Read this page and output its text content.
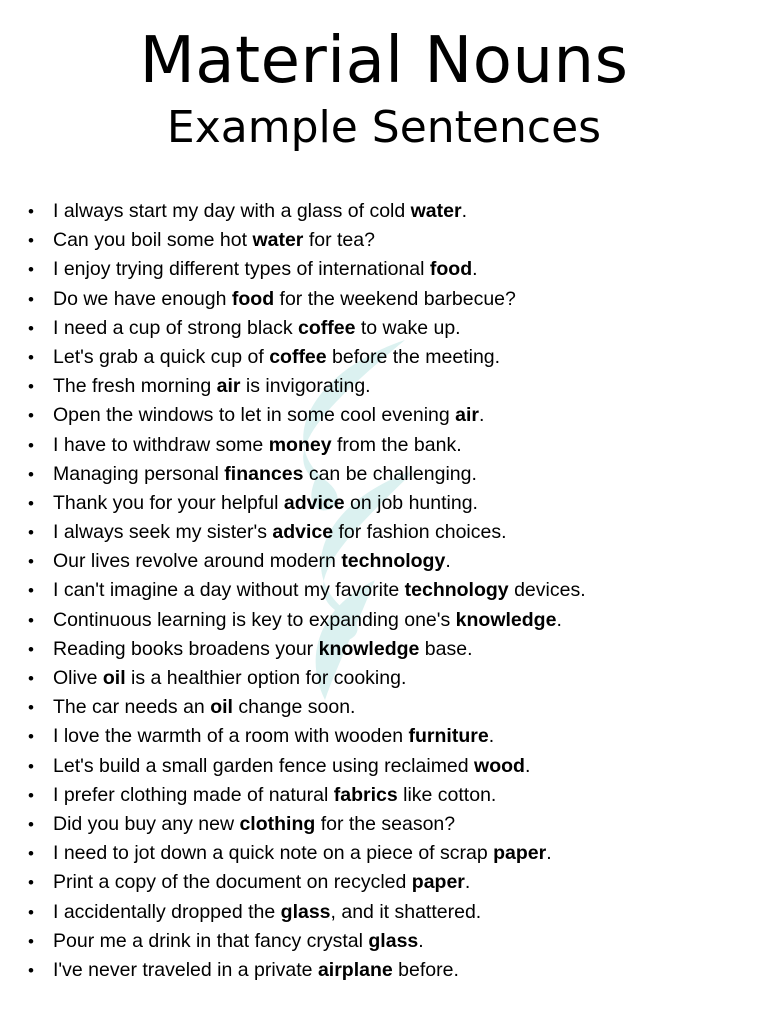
Material Nouns
Example Sentences
• I always start my day with a glass of cold water.
• Can you boil some hot water for tea?
• I enjoy trying different types of international food.
• Do we have enough food for the weekend barbecue?
• I need a cup of strong black coffee to wake up.
• Let's grab a quick cup of coffee before the meeting.
• The fresh morning air is invigorating.
• Open the windows to let in some cool evening air.
• I have to withdraw some money from the bank.
• Managing personal finances can be challenging.
• Thank you for your helpful advice on job hunting.
• I always seek my sister's advice for fashion choices.
• Our lives revolve around modern technology.
• I can't imagine a day without my favorite technology devices.
• Continuous learning is key to expanding one's knowledge.
• Reading books broadens your knowledge base.
• Olive oil is a healthier option for cooking.
• The car needs an oil change soon.
• I love the warmth of a room with wooden furniture.
• Let's build a small garden fence using reclaimed wood.
• I prefer clothing made of natural fabrics like cotton.
• Did you buy any new clothing for the season?
• I need to jot down a quick note on a piece of scrap paper.
• Print a copy of the document on recycled paper.
• I accidentally dropped the glass, and it shattered.
• Pour me a drink in that fancy crystal glass.
• I've never traveled in a private airplane before.
